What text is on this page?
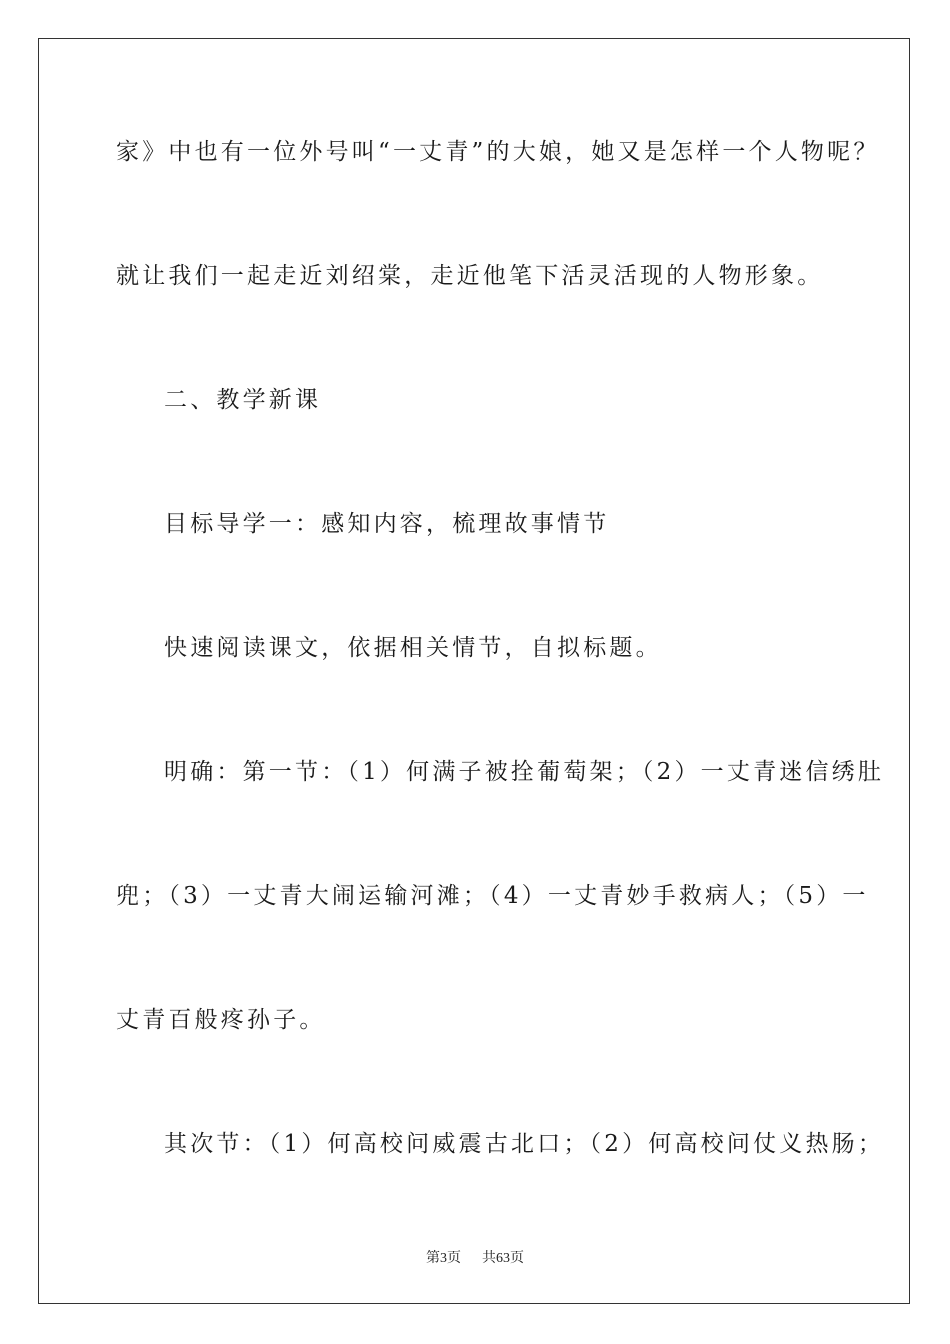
家》中也有一位外号叫“一丈青”的大娘，她又是怎样一个人物呢？
就让我们一起走近刘绍棠，走近他笔下活灵活现的人物形象。
二、教学新课
目标导学一：感知内容，梳理故事情节
快速阅读课文，依据相关情节，自拟标题。
明确：第一节：（1）何满子被拴葡萄架；（2）一丈青迷信绣肚
兜；（3）一丈青大闹运输河滩；（4）一丈青妙手救病人；（5）一
丈青百般疼孙子。
其次节：（1）何高校问威震古北口；（2）何高校问仗义热肠；
第3页 共63页
